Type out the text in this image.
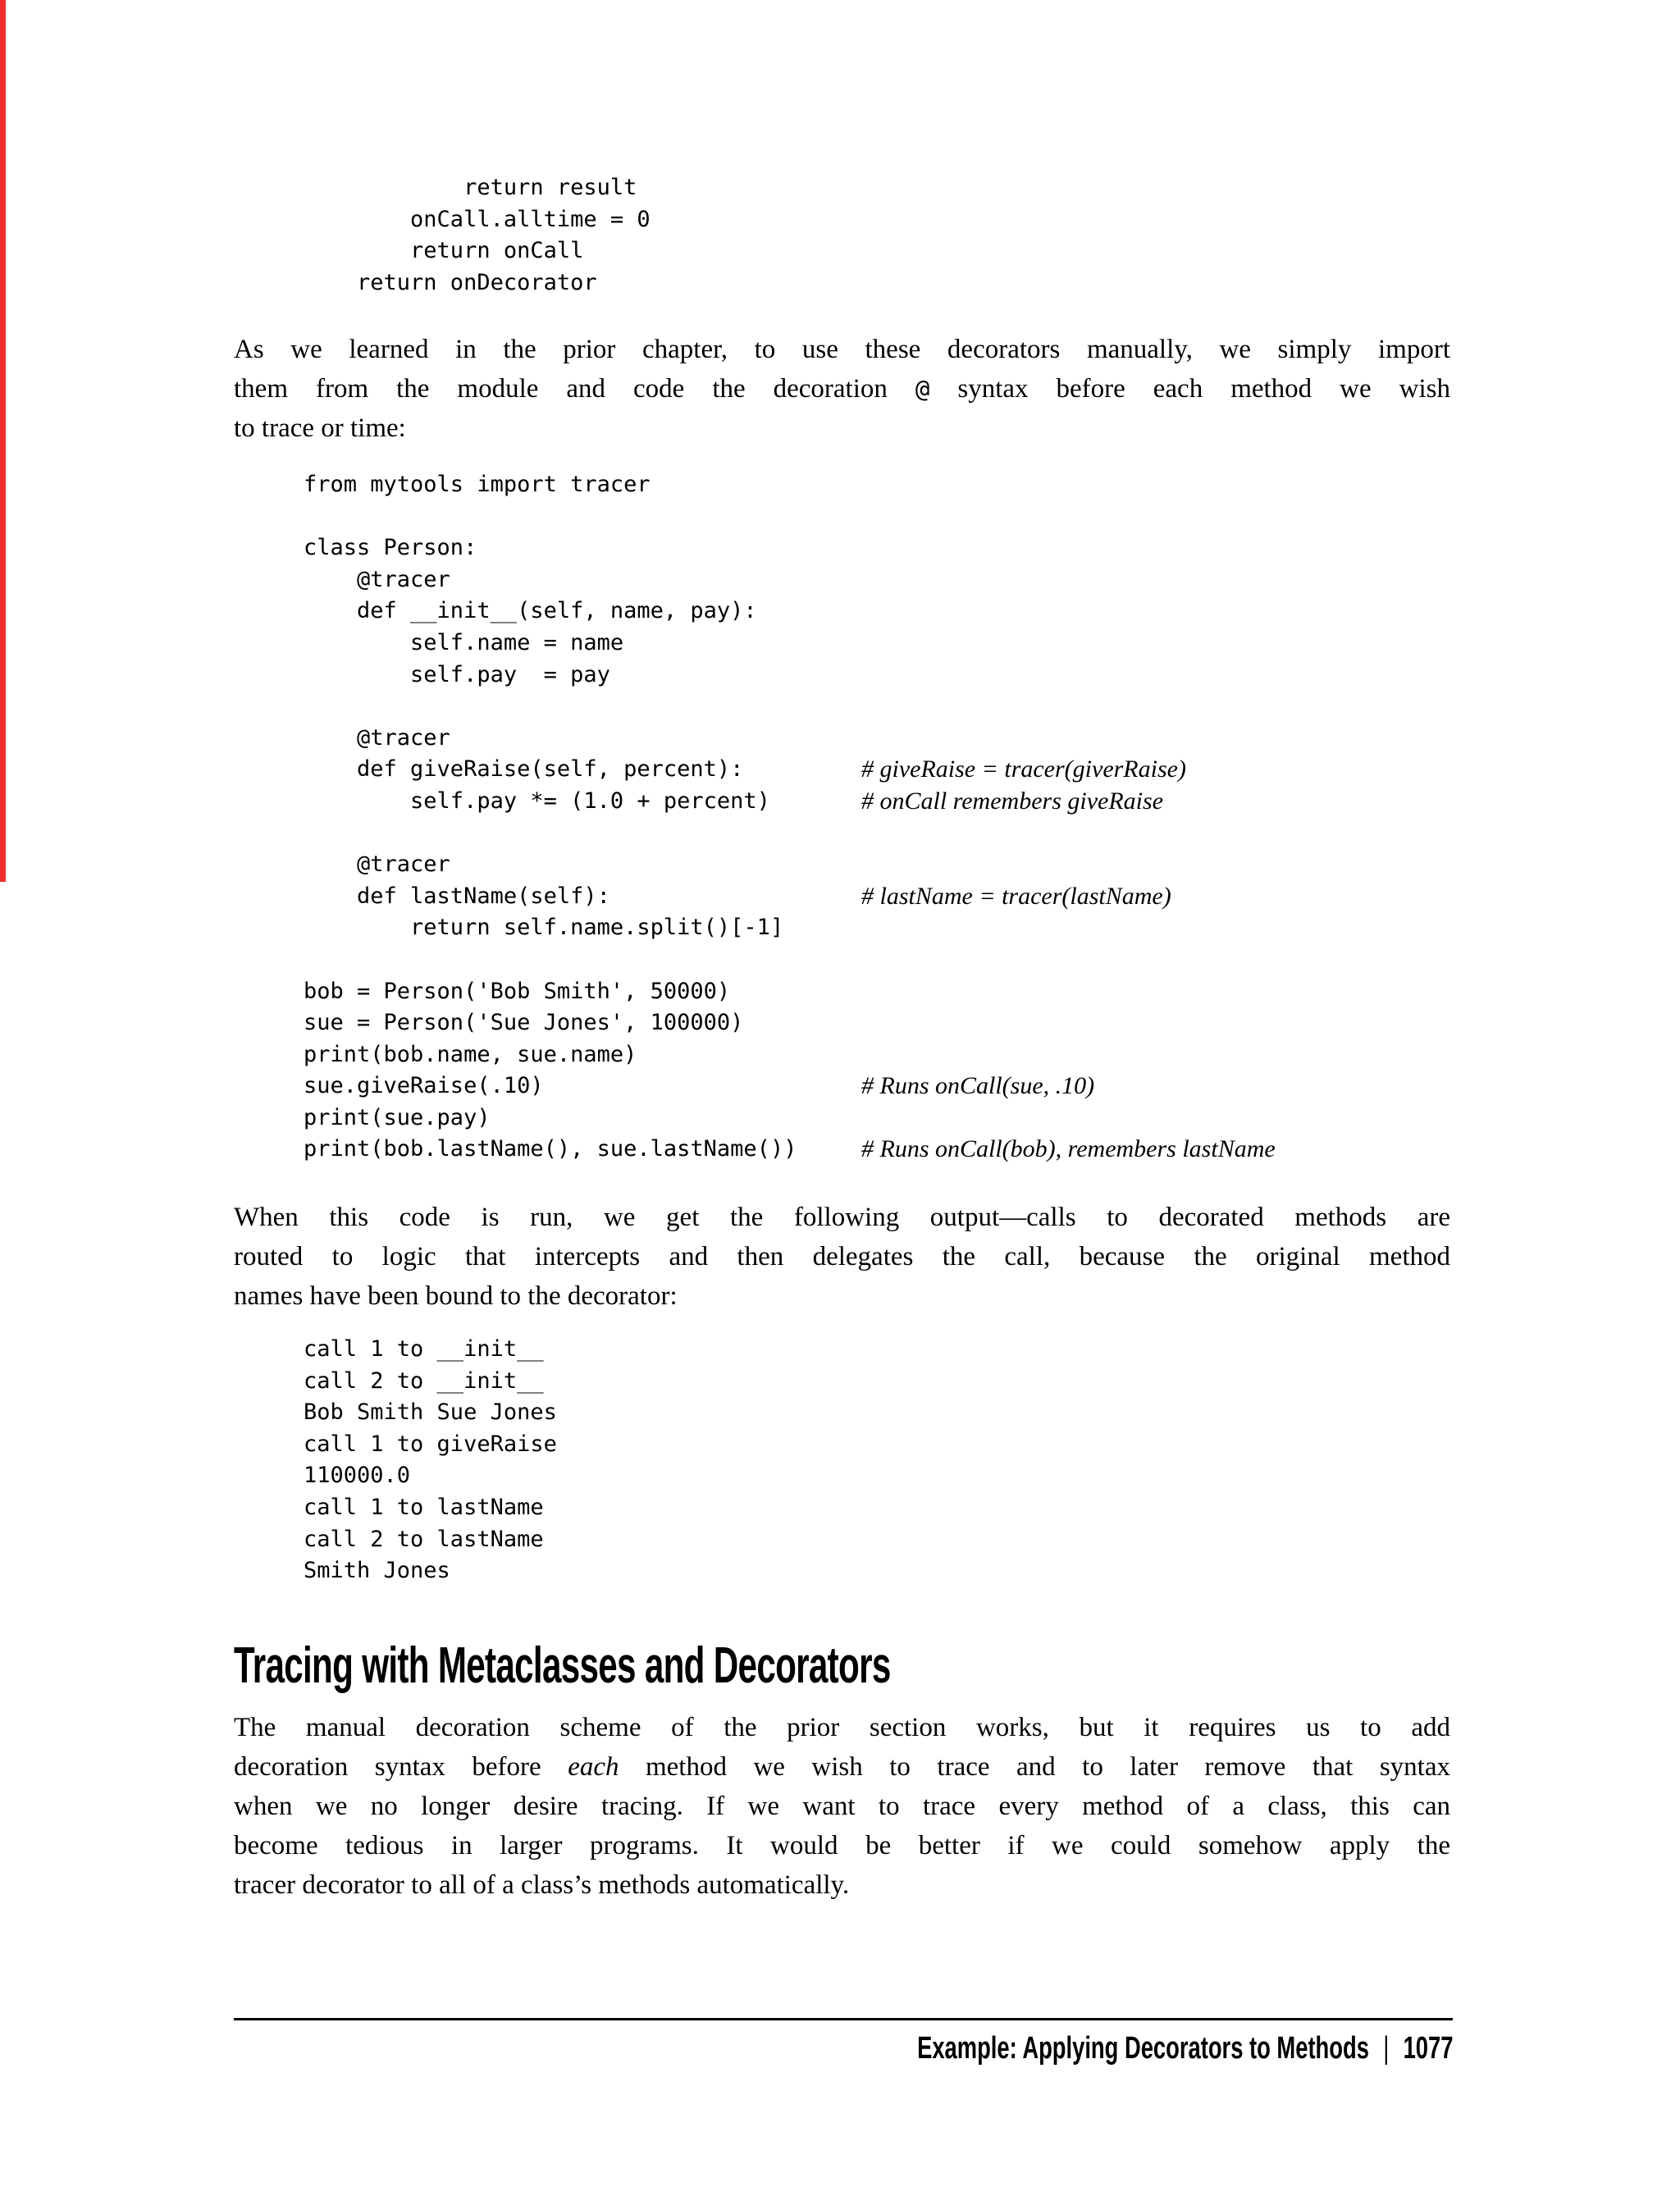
return result
onCall.alltime = 0
return onCall
return onDecorator
As we learned in the prior chapter, to use these decorators manually, we simply import
them from the module and code the decoration @ syntax before each method we wish
to trace or time:
from mytools import tracer
class Person:
@tracer
def __init__(self, name, pay):
self.name = name
self.pay  = pay
@tracer
def giveRaise(self, percent):	# giveRaise = tracer(giverRaise)
self.pay *= (1.0 + percent)	# onCall remembers giveRaise
@tracer
def lastName(self):	# lastName = tracer(lastName)
return self.name.split()[-1]
bob = Person('Bob Smith', 50000)
sue = Person('Sue Jones', 100000)
print(bob.name, sue.name)
sue.giveRaise(.10)	# Runs onCall(sue, .10)
print(sue.pay)
print(bob.lastName(), sue.lastName())	# Runs onCall(bob), remembers lastName
When this code is run, we get the following output—calls to decorated methods are
routed to logic that intercepts and then delegates the call, because the original method
names have been bound to the decorator:
call 1 to __init__
call 2 to __init__
Bob Smith Sue Jones
call 1 to giveRaise
110000.0
call 1 to lastName
call 2 to lastName
Smith Jones
Tracing with Metaclasses and Decorators
The manual decoration scheme of the prior section works, but it requires us to add
decoration syntax before each method we wish to trace and to later remove that syntax
when we no longer desire tracing. If we want to trace every method of a class, this can
become tedious in larger programs. It would be better if we could somehow apply the
tracer decorator to all of a class’s methods automatically.
Example: Applying Decorators to Methods | 1077
